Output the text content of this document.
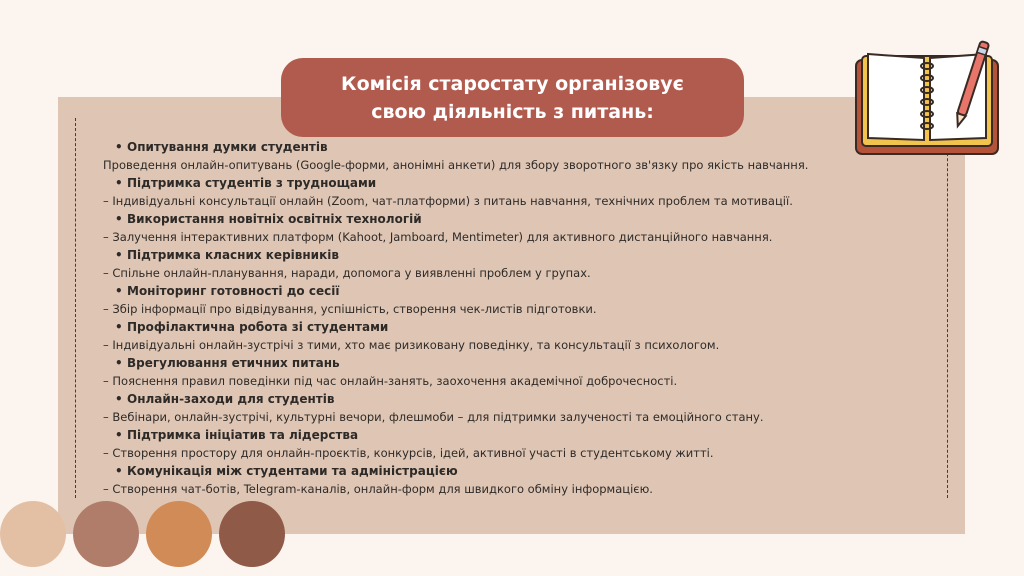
Комісія старостату організовує
свою діяльність з питань:
• Опитування думки студентів
Проведення онлайн-опитувань (Google-форми, анонімні анкети) для збору зворотного зв'язку про якість навчання.
• Підтримка студентів з труднощами
– Індивідуальні консультації онлайн (Zoom, чат-платформи) з питань навчання, технічних проблем та мотивації.
• Використання новітніх освітніх технологій
– Залучення інтерактивних платформ (Kahoot, Jamboard, Mentimeter) для активного дистанційного навчання.
• Підтримка класних керівників
– Спільне онлайн-планування, наради, допомога у виявленні проблем у групах.
• Моніторинг готовності до сесії
– Збір інформації про відвідування, успішність, створення чек-листів підготовки.
• Профілактична робота зі студентами
– Індивідуальні онлайн-зустрічі з тими, хто має ризиковану поведінку, та консультації з психологом.
• Врегулювання етичних питань
– Пояснення правил поведінки під час онлайн-занять, заохочення академічної доброчесності.
• Онлайн-заходи для студентів
– Вебінари, онлайн-зустрічі, культурні вечори, флешмоби – для підтримки залученості та емоційного стану.
• Підтримка ініціатив та лідерства
– Створення простору для онлайн-проєктів, конкурсів, ідей, активної участі в студентському житті.
• Комунікація між студентами та адміністрацією
– Створення чат-ботів, Telegram-каналів, онлайн-форм для швидкого обміну інформацією.
